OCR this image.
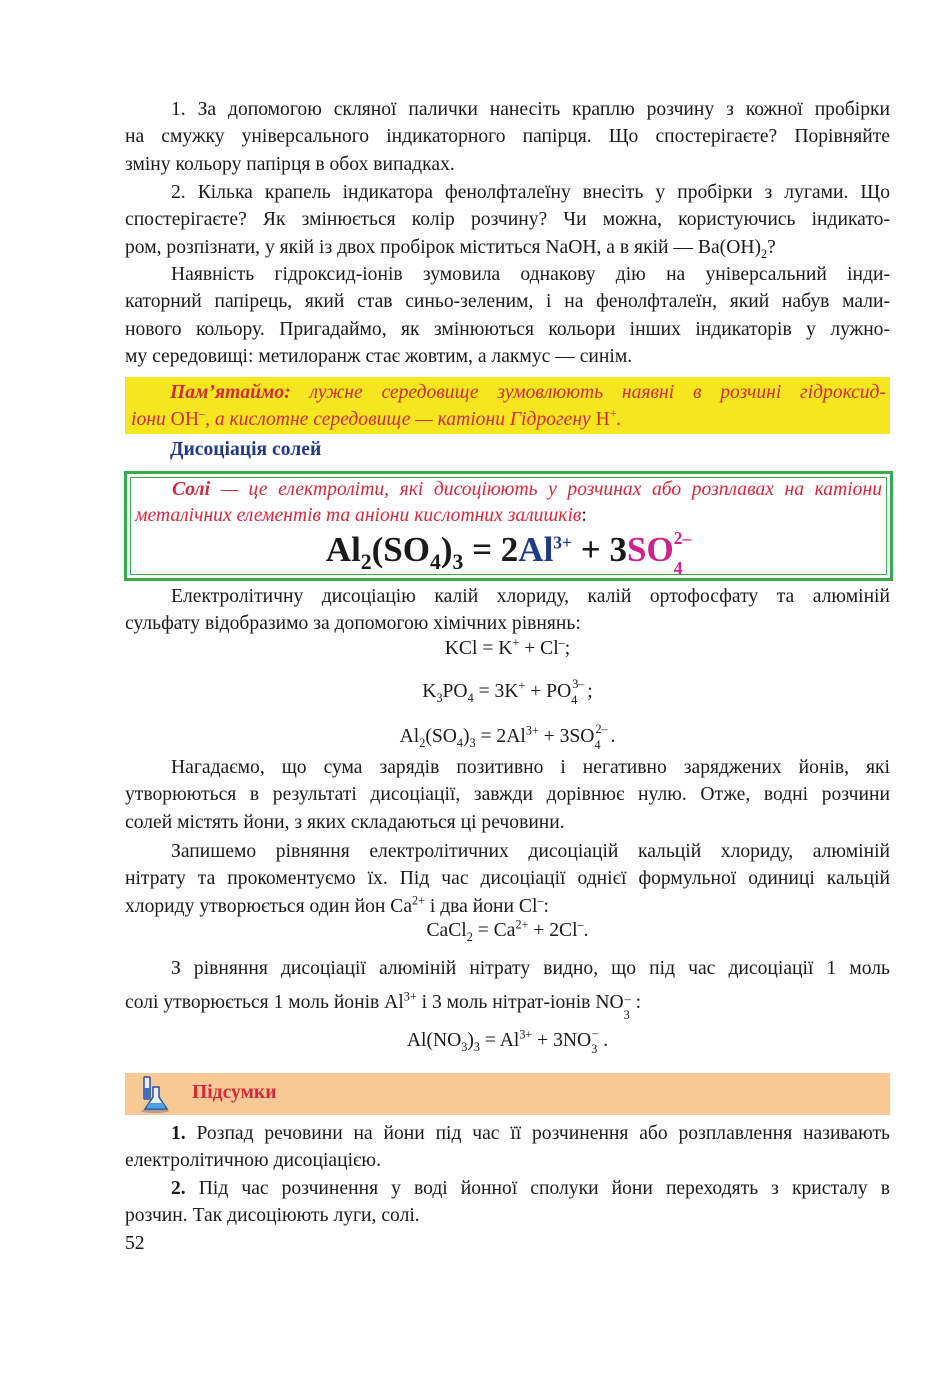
1. За допомогою скляної палички нанесіть краплю розчину з кожної пробірки
на смужку універсального індикаторного папірця. Що спостерігаєте? Порівняйте
зміну кольору папірця в обох випадках.

2. Кілька крапель індикатора фенолфталеїну внесіть у пробірки з лугами. Що
спостерігаєте? Як змінюється колір розчину? Чи можна, користуючись індикато-
ром, розпізнати, у якій із двох пробірок міститься NaOH, а в якій — $Ba(OH)_2$?

Наявність гідроксид-іонів зумовила однакову дію на універсальний інди-
каторний папірець, який став синьо-зеленим, і на фенолфталеїн, який набув мали-
нового кольору. Пригадаймо, як змінюються кольори інших індикаторів у лужно-
му середовищі: метилоранж стає жовтим, а лакмус — синім.

Пам’ятаймо: лужне середовище зумовлюють наявні в розчині гідроксид-
іони OH–, а кислотне середовище — катіони Гідрогену H+.
Дисоціація солей
Солі — це електроліти, які дисоціюють у розчинах або розплавах на катіони
металічних елементів та аніони кислотних залишків:
$Al_2(SO_4)_3 = 2Al^{3+} + 3SO$ 2–
4

Електролітичну дисоціацію калій хлориду, калій ортофосфату та алюміній
сульфату відобразимо за допомогою хімічних рівнянь:

KCl = K+ + Cl–;
$K_3PO_4 = 3K^+$ + PO 3–
4 ;
$Al_2(SO_4)_3 = 2Al^{3+} + 3SO$ 2–
4 .

Нагадаємо, що сума зарядів позитивно і негативно заряджених йонів, які
утворюються в результаті дисоціації, завжди дорівнює нулю. Отже, водні розчини
солей містять йони, з яких складаються ці речовини.

Запишемо рівняння електролітичних дисоціацій кальцій хлориду, алюміній
нітрату та прокоментуємо їх. Під час дисоціації однієї формульної одиниці кальцій
хлориду утворюється один йон $Ca^{2+}$ і два йони Cl–:

CaCl$_2$ = $Ca^{2+} + 2Cl^-$.

З рівняння дисоціації алюміній нітрату видно, що під час дисоціації 1 моль
солі утворюється 1 моль йонів $Al^{3+}$ і 3 моль нітрат-іонів NO –
3
:

$Al(NO_3)_3 = Al^{3+} + 3NO$ –
3 .
Підсумки

1. Розпад речовини на йони під час її розчинення або розплавлення називають
електролітичною дисоціацією.

2. Під час розчинення у воді йонної сполуки йони переходять з кристалу в
розчин. Так дисоціюють луги, солі.

52
